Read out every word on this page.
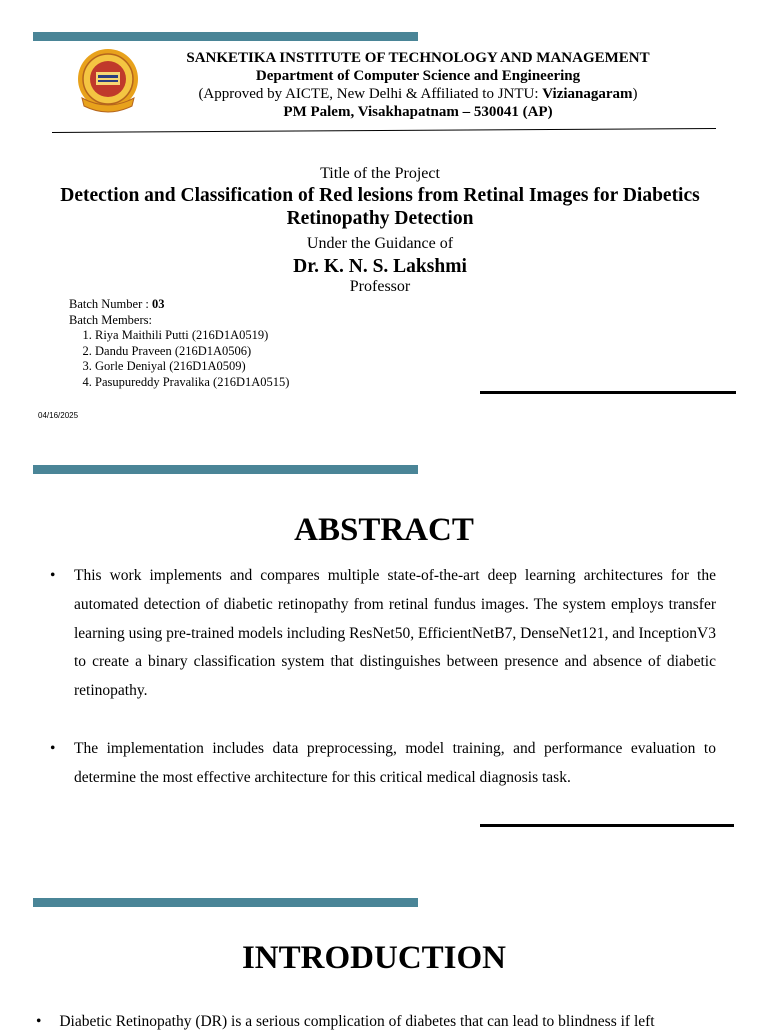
SANKETIKA INSTITUTE OF TECHNOLOGY AND MANAGEMENT
Department of Computer Science and Engineering
(Approved by AICTE, New Delhi & Affiliated to JNTU: Vizianagaram)
PM Palem, Visakhapatnam – 530041 (AP)
Title of the Project
Detection and Classification of Red lesions from Retinal Images for Diabetics
Retinopathy Detection
Under the Guidance of
Dr. K. N. S. Lakshmi
Professor
Batch Number : 03
Batch Members:
1. Riya Maithili Putti (216D1A0519)
2. Dandu Praveen (216D1A0506)
3. Gorle Deniyal (216D1A0509)
4. Pasupureddy Pravalika (216D1A0515)
04/16/2025
ABSTRACT
• This work implements and compares multiple state-of-the-art deep learning architectures for the automated detection of diabetic retinopathy from retinal fundus images. The system employs transfer learning using pre-trained models including ResNet50, EfficientNetB7, DenseNet121, and InceptionV3 to create a binary classification system that distinguishes between presence and absence of diabetic retinopathy.
• The implementation includes data preprocessing, model training, and performance evaluation to determine the most effective architecture for this critical medical diagnosis task.
INTRODUCTION
• Diabetic Retinopathy (DR) is a serious complication of diabetes that can lead to blindness if left
